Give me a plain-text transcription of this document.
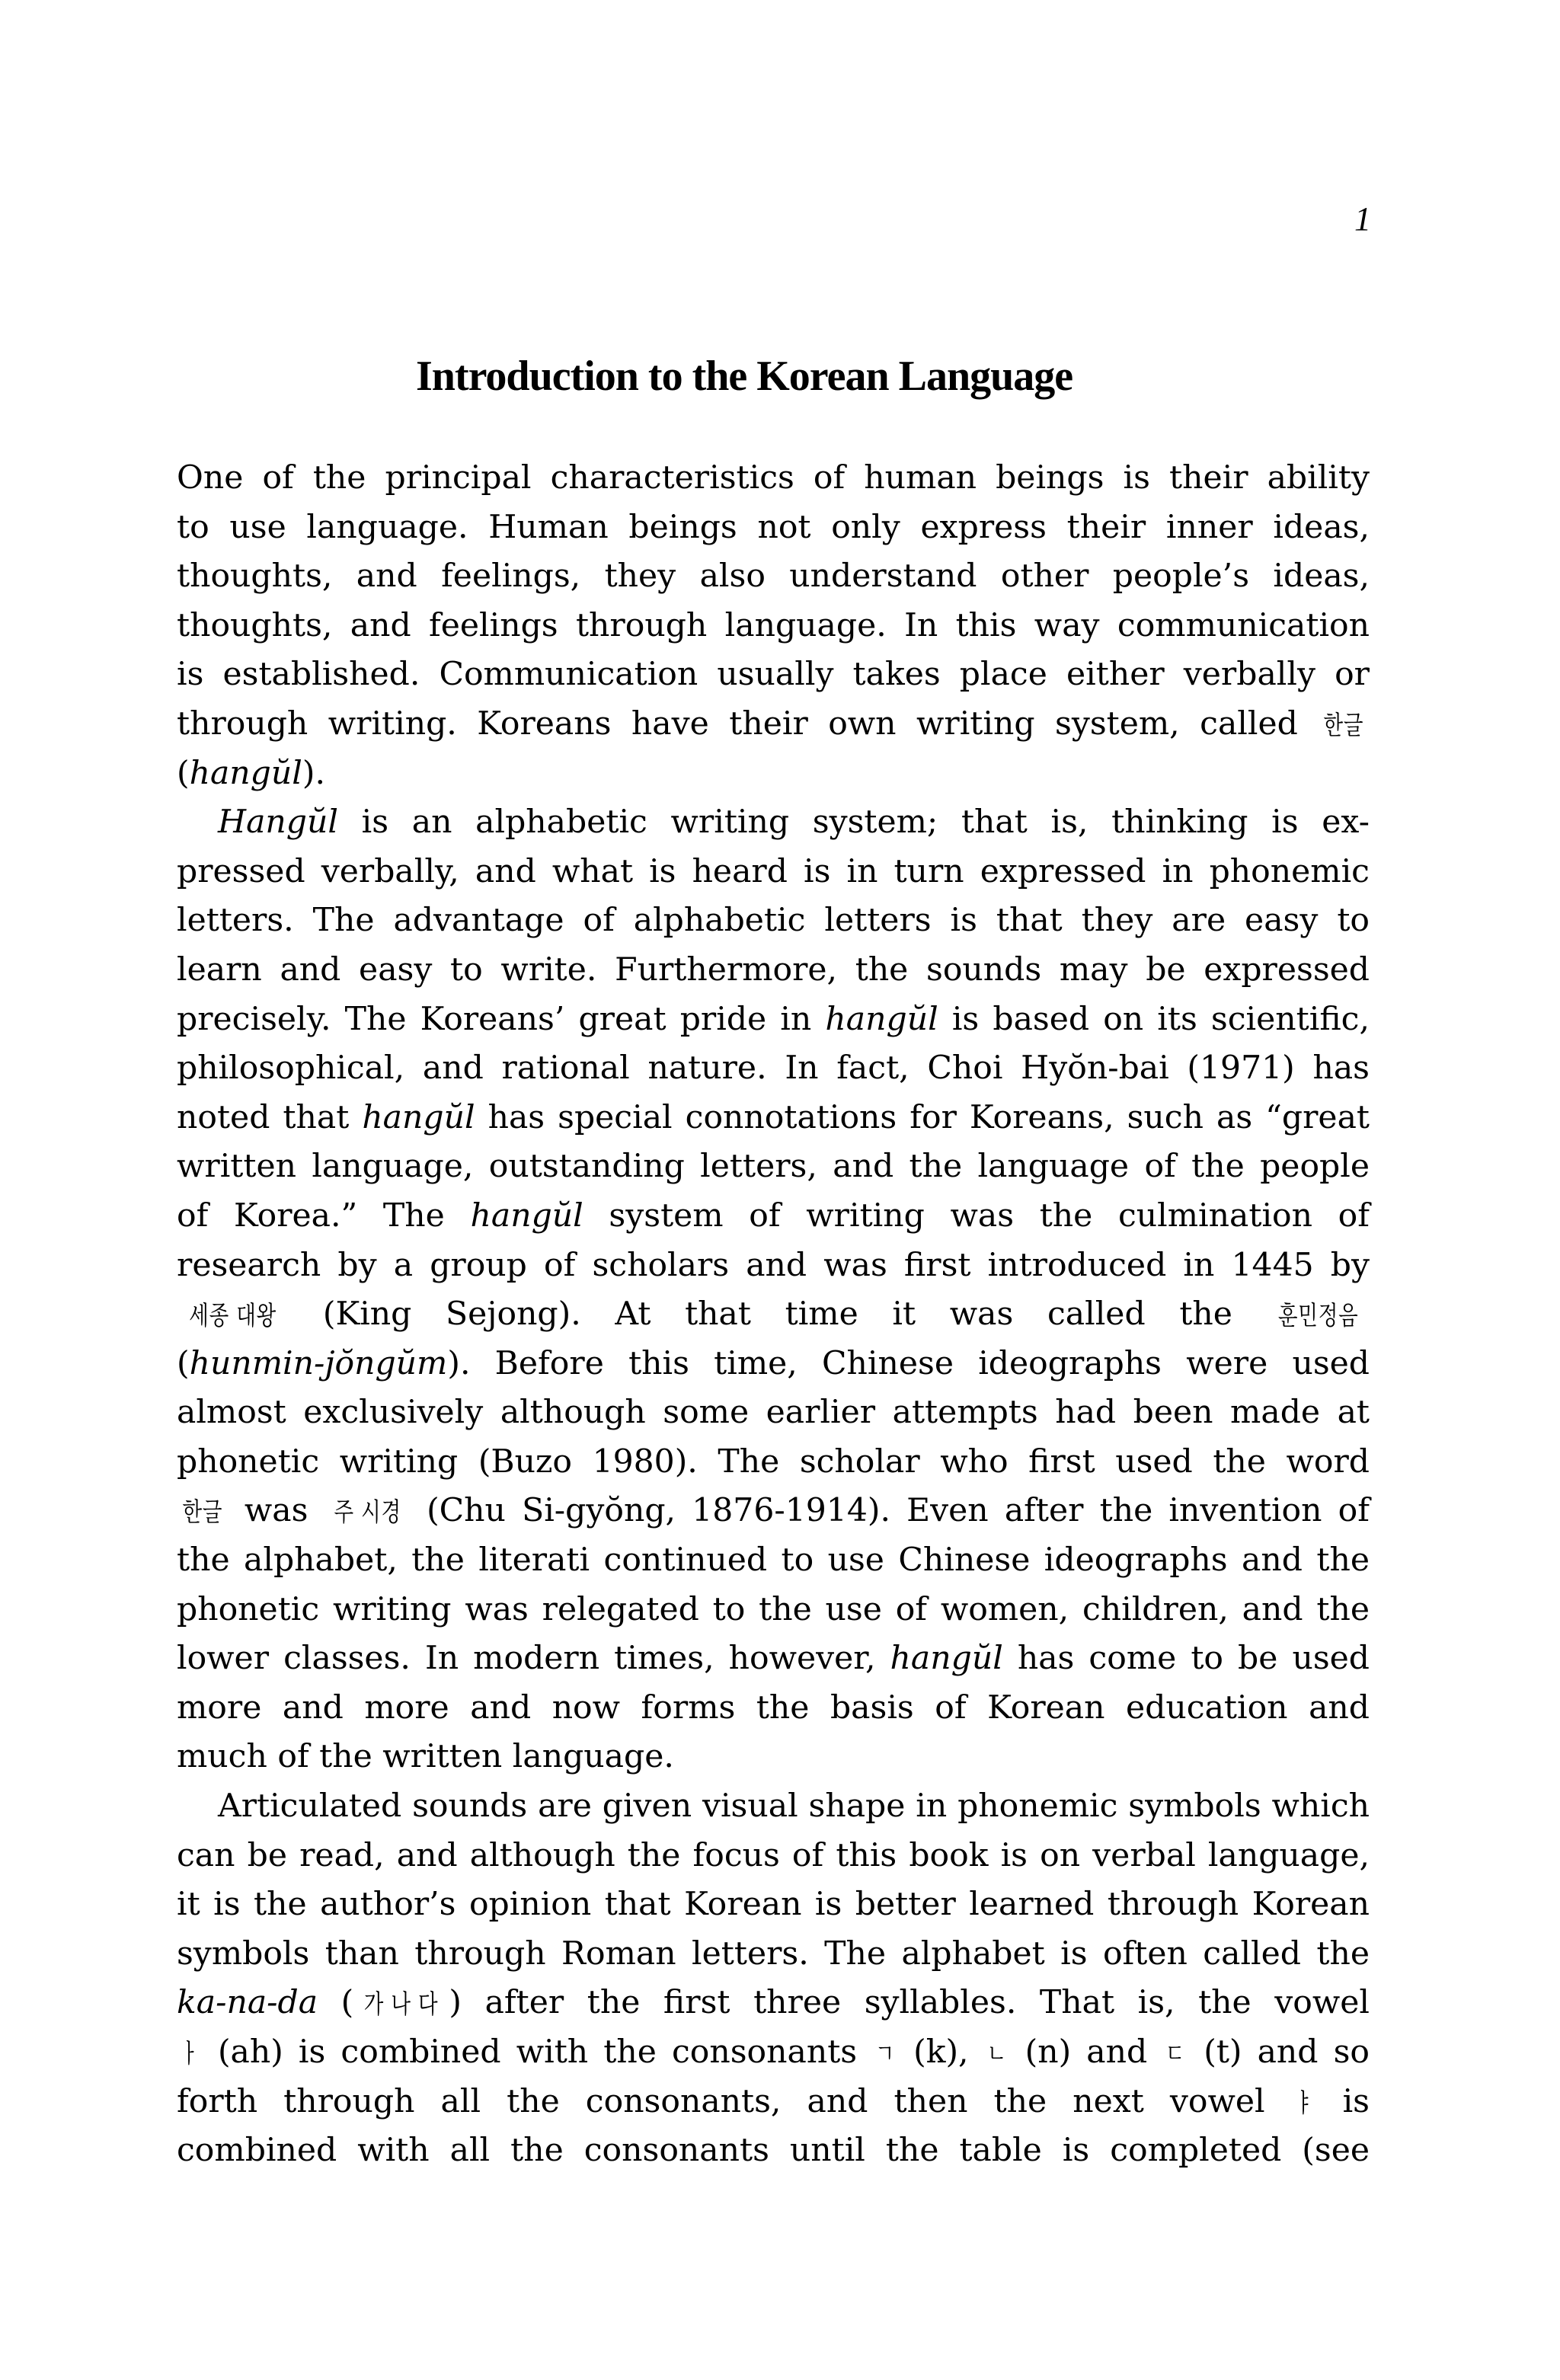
1
Introduction to the Korean Language
One of the principal characteristics of human beings is their ability
to use language. Human beings not only express their inner ideas,
thoughts, and feelings, they also understand other people’s ideas,
thoughts, and feelings through language. In this way communication
is established. Communication usually takes place either verbally or
through writing. Koreans have their own writing system, called 한글
(hangŭl).
Hangŭl is an alphabetic writing system; that is, thinking is ex-
pressed verbally, and what is heard is in turn expressed in phonemic
letters. The advantage of alphabetic letters is that they are easy to
learn and easy to write. Furthermore, the sounds may be expressed
precisely. The Koreans’ great pride in hangŭl is based on its scientific,
philosophical, and rational nature. In fact, Choi Hyŏn-bai (1971) has
noted that hangŭl has special connotations for Koreans, such as “great
written language, outstanding letters, and the language of the people
of Korea.” The hangŭl system of writing was the culmination of
research by a group of scholars and was first introduced in 1445 by
세종 대왕 (King Sejong). At that time it was called the 훈민정음
(hunmin-jŏngŭm). Before this time, Chinese ideographs were used
almost exclusively although some earlier attempts had been made at
phonetic writing (Buzo 1980). The scholar who first used the word
한글 was 주 시경 (Chu Si-gyŏng, 1876-1914). Even after the invention of
the alphabet, the literati continued to use Chinese ideographs and the
phonetic writing was relegated to the use of women, children, and the
lower classes. In modern times, however, hangŭl has come to be used
more and more and now forms the basis of Korean education and
much of the written language.
Articulated sounds are given visual shape in phonemic symbols which
can be read, and although the focus of this book is on verbal language,
it is the author’s opinion that Korean is better learned through Korean
symbols than through Roman letters. The alphabet is often called the
ka-na-da ( 가 나 다 ) after the first three syllables. That is, the vowel
ㅏ (ah) is combined with the consonants ㄱ (k), ㄴ (n) and ㄷ (t) and so
forth through all the consonants, and then the next vowel ㅑ is
combined with all the consonants until the table is completed (see
